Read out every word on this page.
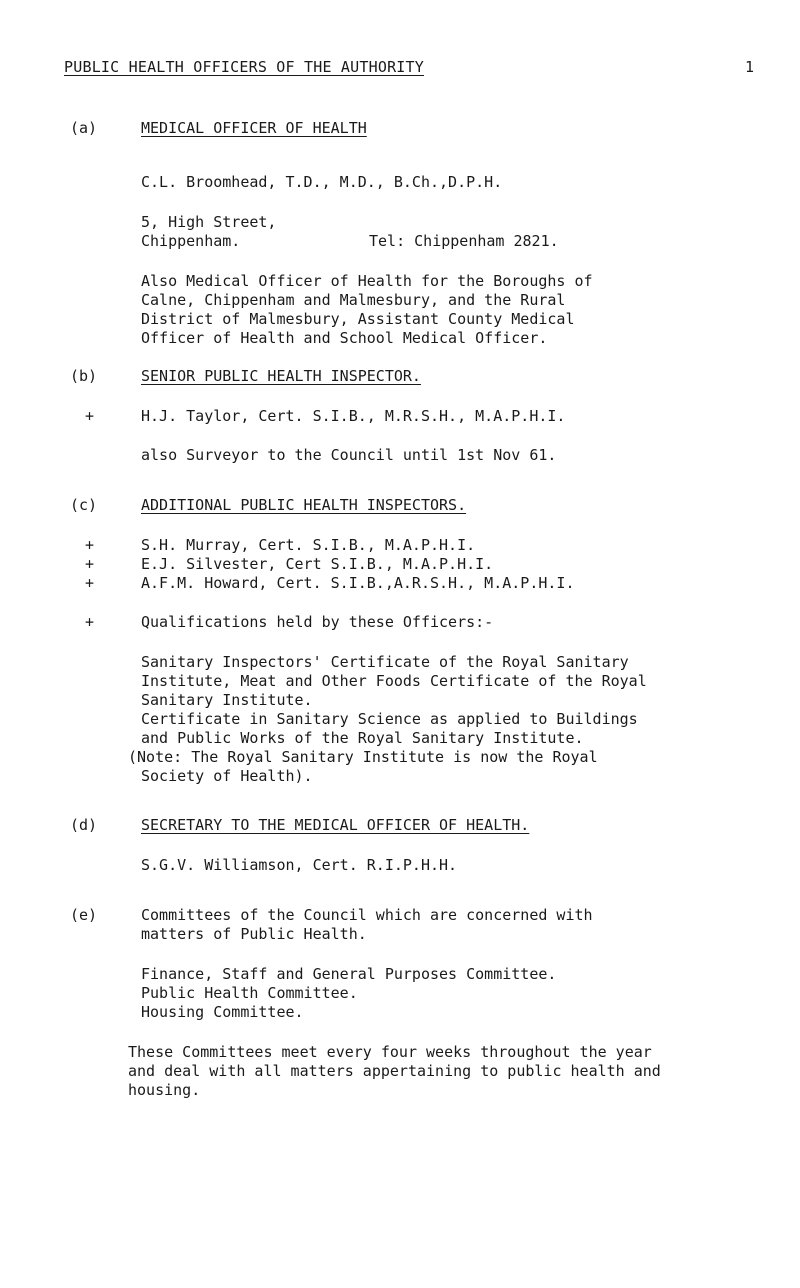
PUBLIC HEALTH OFFICERS OF THE AUTHORITY	1
(a)	MEDICAL OFFICER OF HEALTH
C.L. Broomhead, T.D., M.D., B.Ch.,D.P.H.
5, High Street,
Chippenham.	Tel: Chippenham 2821.
Also Medical Officer of Health for the Boroughs of
Calne, Chippenham and Malmesbury, and the Rural
District of Malmesbury, Assistant County Medical
Officer of Health and School Medical Officer.
(b)	SENIOR PUBLIC HEALTH INSPECTOR.
+	H.J. Taylor, Cert. S.I.B., M.R.S.H., M.A.P.H.I.
also Surveyor to the Council until 1st Nov 61.
(c)	ADDITIONAL PUBLIC HEALTH INSPECTORS.
+	S.H. Murray, Cert. S.I.B., M.A.P.H.I.
+	E.J. Silvester, Cert S.I.B., M.A.P.H.I.
+	A.F.M. Howard, Cert. S.I.B.,A.R.S.H., M.A.P.H.I.
+	Qualifications held by these Officers:-
Sanitary Inspectors' Certificate of the Royal Sanitary
Institute, Meat and Other Foods Certificate of the Royal
Sanitary Institute.
Certificate in Sanitary Science as applied to Buildings
and Public Works of the Royal Sanitary Institute.
(Note: The Royal Sanitary Institute is now the Royal
Society of Health).
(d)	SECRETARY TO THE MEDICAL OFFICER OF HEALTH.
S.G.V. Williamson, Cert. R.I.P.H.H.
(e)	Committees of the Council which are concerned with
matters of Public Health.
Finance, Staff and General Purposes Committee.
Public Health Committee.
Housing Committee.
These Committees meet every four weeks throughout the year
and deal with all matters appertaining to public health and
housing.
